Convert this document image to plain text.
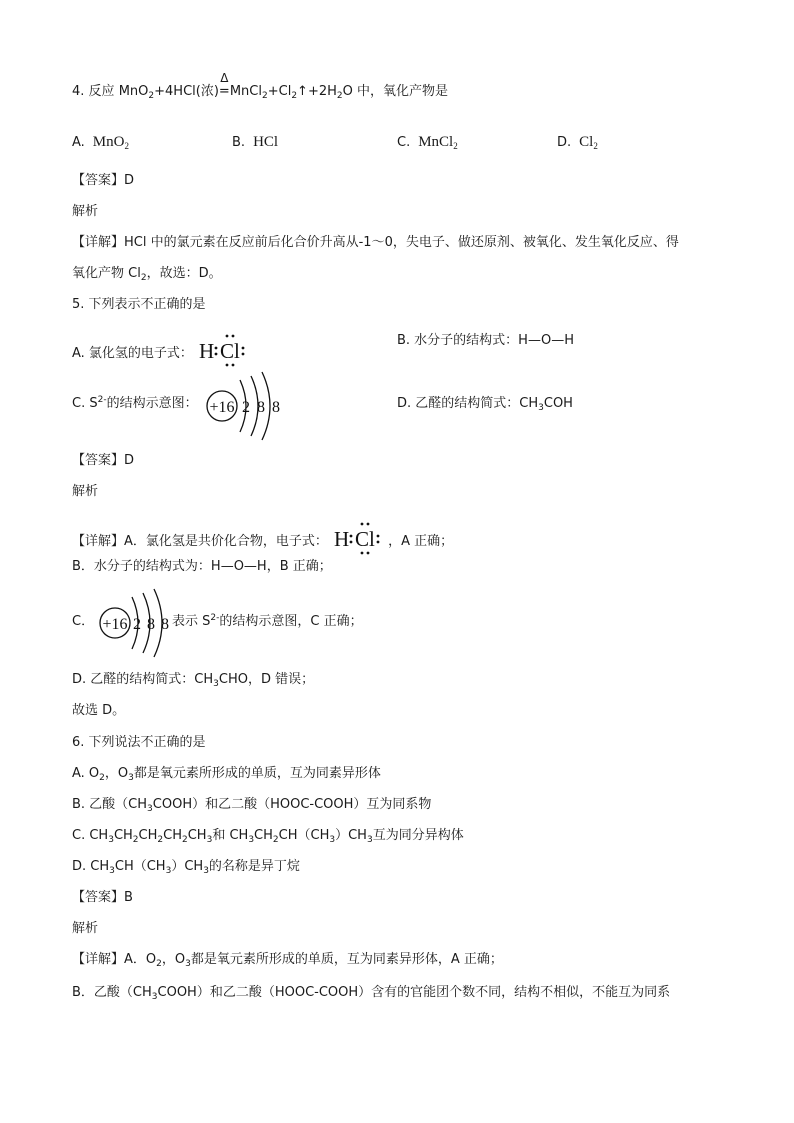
4. 反应 MnO$_2$+4HCl(浓)
Δ
$=MnCl_2+Cl_2↑+2H_2O$ 中，氧化产物是
A. MnO$_2$	B. HCl	C. MnCl$_2$	D. $Cl_2$
【答案】D
解析
【详解】HCl 中的氯元素在反应前后化合价升高从-1～0，失电子、做还原剂、被氧化、发生氧化反应、得
氧化产物 $Cl_2$，故选：D。
5. 下列表示不正确的是
A. 氯化氢的电子式： H Cl	B. 水分子的结构式：H—O—H
C. $S^{2-}$的结构示意图： +16 2 8 8	D. 乙醛的结构简式：$CH_3COH$
【答案】D
解析
【详解】A．氯化氢是共价化合物，电子式： H Cl ，A 正确；
B．水分子的结构式为：H—O—H，B 正确；
C． +16 2 8 8 表示 $S^{2-}$的结构示意图，C 正确；
D. 乙醛的结构简式：$CH_3CHO$，D 错误；
故选 D。
6. 下列说法不正确的是
A. $O_2$，$O_3$都是氧元素所形成的单质，互为同素异形体
B. 乙酸$(CH_3COOH)$和乙二酸（HOOC-COOH）互为同系物
C. $CH_3CH_2CH_2CH_2CH_3$和 $CH_3CH_2CH(CH_3)CH_3$互为同分异构体
D. $CH_3CH(CH_3)CH_3$的名称是异丁烷
【答案】B
解析
【详解】A．$O_2$，$O_3$都是氧元素所形成的单质，互为同素异形体，A 正确；
B．乙酸$(CH_3COOH)$和乙二酸（HOOC-COOH）含有的官能团个数不同，结构不相似，不能互为同系
